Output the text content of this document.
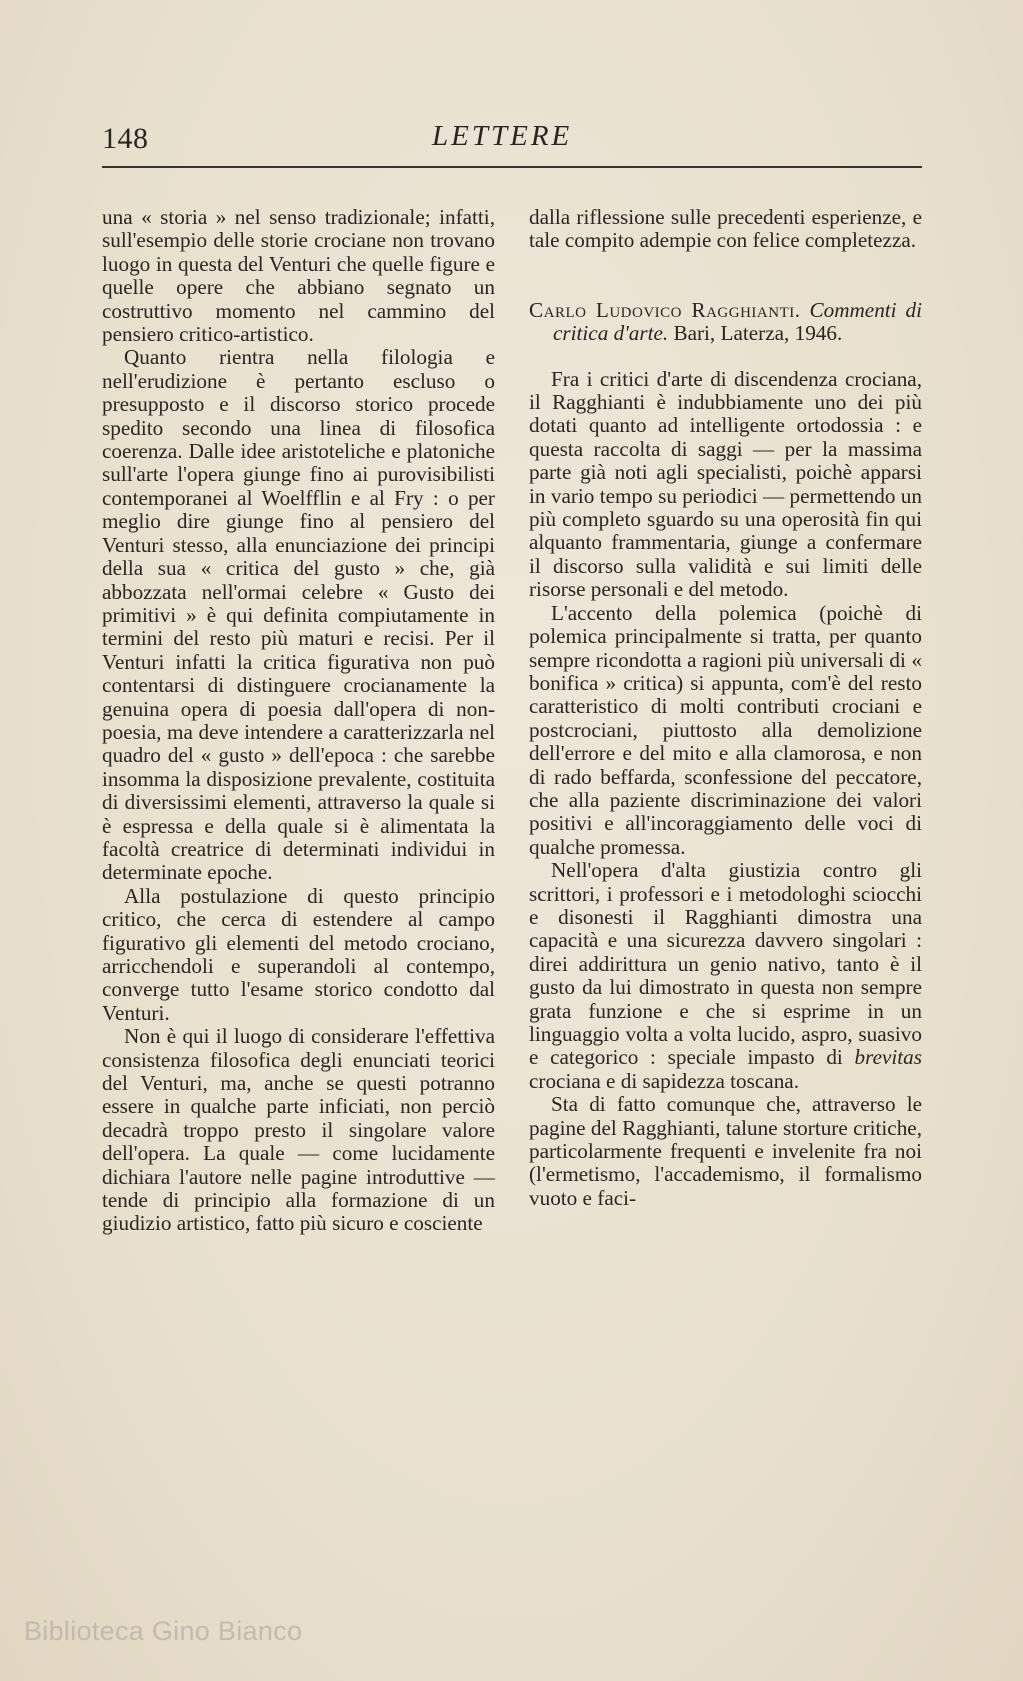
148	LETTERE

una « storia » nel senso tradizionale; infatti, sull'esempio delle storie crociane non trovano luogo in questa del Venturi che quelle figure e quelle opere che abbiano segnato un costruttivo momento nel cammino del pensiero critico-artistico.

Quanto rientra nella filologia e nell'erudizione è pertanto escluso o presupposto e il discorso storico procede spedito secondo una linea di filosofica coerenza. Dalle idee aristoteliche e platoniche sull'arte l'opera giunge fino ai purovisibilisti contemporanei al Woelfflin e al Fry : o per meglio dire giunge fino al pensiero del Venturi stesso, alla enunciazione dei principi della sua « critica del gusto » che, già abbozzata nell'ormai celebre « Gusto dei primitivi » è qui definita compiutamente in termini del resto più maturi e recisi. Per il Venturi infatti la critica figurativa non può contentarsi di distinguere crocianamente la genuina opera di poesia dall'opera di non-poesia, ma deve intendere a caratterizzarla nel quadro del « gusto » dell'epoca : che sarebbe insomma la disposizione prevalente, costituita di diversissimi elementi, attraverso la quale si è espressa e della quale si è alimentata la facoltà creatrice di determinati individui in determinate epoche.

Alla postulazione di questo principio critico, che cerca di estendere al campo figurativo gli elementi del metodo crociano, arricchendoli e superandoli al contempo, converge tutto l'esame storico condotto dal Venturi.

Non è qui il luogo di considerare l'effettiva consistenza filosofica degli enunciati teorici del Venturi, ma, anche se questi potranno essere in qualche parte inficiati, non perciò decadrà troppo presto il singolare valore dell'opera. La quale — come lucidamente dichiara l'autore nelle pagine introduttive — tende di principio alla formazione di un giudizio artistico, fatto più sicuro e cosciente

dalla riflessione sulle precedenti esperienze, e tale compito adempie con felice completezza.

Carlo Ludovico Ragghianti. Commenti di critica d'arte. Bari, Laterza, 1946.

Fra i critici d'arte di discendenza crociana, il Ragghianti è indubbiamente uno dei più dotati quanto ad intelligente ortodossia : e questa raccolta di saggi — per la massima parte già noti agli specialisti, poichè apparsi in vario tempo su periodici — permettendo un più completo sguardo su una operosità fin qui alquanto frammentaria, giunge a confermare il discorso sulla validità e sui limiti delle risorse personali e del metodo.

L'accento della polemica (poichè di polemica principalmente si tratta, per quanto sempre ricondotta a ragioni più universali di « bonifica » critica) si appunta, com'è del resto caratteristico di molti contributi crociani e postcrociani, piuttosto alla demolizione dell'errore e del mito e alla clamorosa, e non di rado beffarda, sconfessione del peccatore, che alla paziente discriminazione dei valori positivi e all'incoraggiamento delle voci di qualche promessa.

Nell'opera d'alta giustizia contro gli scrittori, i professori e i metodologhi sciocchi e disonesti il Ragghianti dimostra una capacità e una sicurezza davvero singolari : direi addirittura un genio nativo, tanto è il gusto da lui dimostrato in questa non sempre grata funzione e che si esprime in un linguaggio volta a volta lucido, aspro, suasivo e categorico : speciale impasto di brevitas crociana e di sapidezza toscana.

Sta di fatto comunque che, attraverso le pagine del Ragghianti, talune storture critiche, particolarmente frequenti e invelenite fra noi (l'ermetismo, l'accademismo, il formalismo vuoto e faci-

Biblioteca Gino Bianco
